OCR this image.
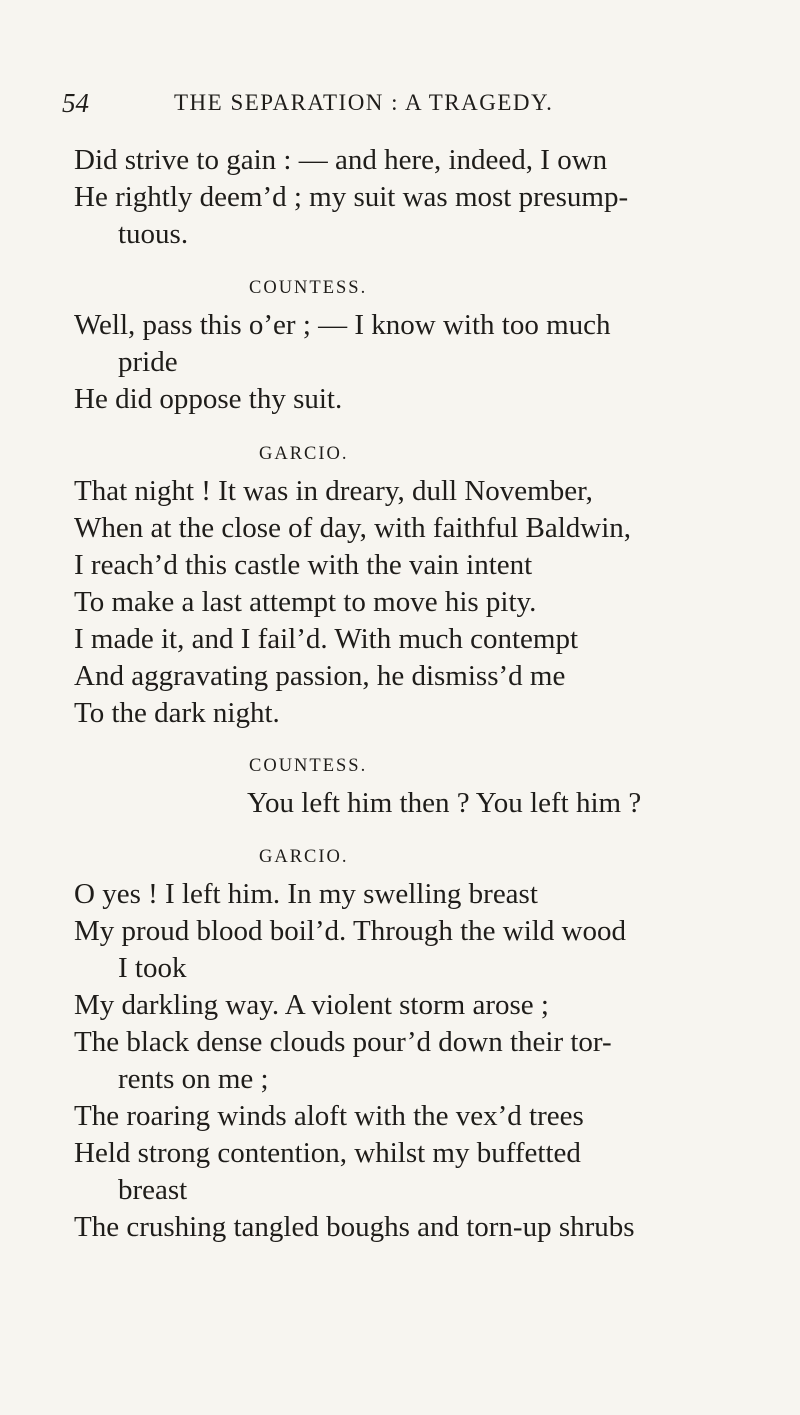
54	THE SEPARATION : A TRAGEDY.
Did strive to gain : — and here, indeed, I own
He rightly deem’d ; my suit was most presump-
tuous.
COUNTESS.
Well, pass this o’er ; — I know with too much
pride
He did oppose thy suit.
GARCIO.
That night ! It was in dreary, dull November,
When at the close of day, with faithful Baldwin,
I reach’d this castle with the vain intent
To make a last attempt to move his pity.
I made it, and I fail’d. With much contempt
And aggravating passion, he dismiss’d me
To the dark night.
COUNTESS.
You left him then ? You left him ?
GARCIO.
O yes ! I left him. In my swelling breast
My proud blood boil’d. Through the wild wood
I took
My darkling way. A violent storm arose ;
The black dense clouds pour’d down their tor-
rents on me ;
The roaring winds aloft with the vex’d trees
Held strong contention, whilst my buffetted
breast
The crushing tangled boughs and torn-up shrubs
